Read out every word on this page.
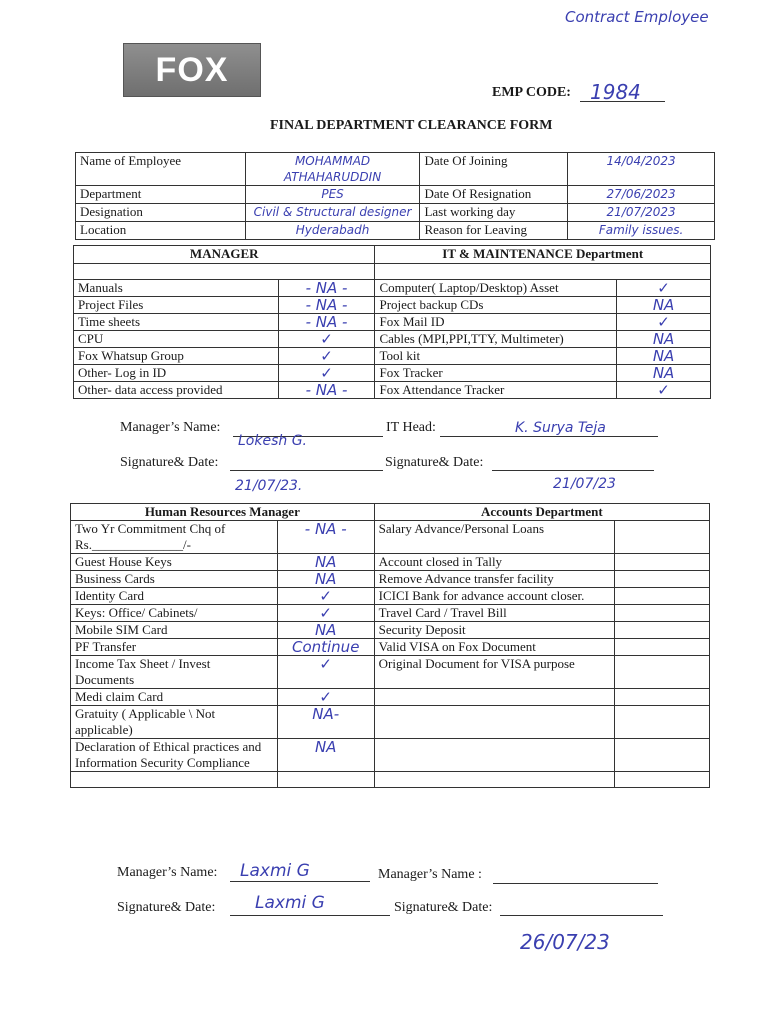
Contract Employee
FOX
EMP CODE: 1984
FINAL DEPARTMENT CLEARANCE FORM
Name of Employee	MOHAMMAD ATHAHARUDDIN	Date Of Joining	14/04/2023
Department	PES	Date Of Resignation	27/06/2023
Designation	Civil & Structural designer	Last working day	21/07/2023
Location	Hyderabadh	Reason for Leaving	Family issues.
MANAGER		IT & MAINTENANCE Department	

Manuals	- NA -	Computer( Laptop/Desktop) Asset	✓
Project Files	- NA -	Project backup CDs	NA
Time sheets	- NA -	Fox Mail ID	✓
CPU	✓	Cables (MPI,PPI,TTY, Multimeter)	NA
Fox Whatsup Group	✓	Tool kit	NA
Other- Log in ID	✓	Fox Tracker	NA
Other- data access provided	- NA -	Fox Attendance Tracker	✓
Manager’s Name:
Lokesh G.
IT Head:	K. Surya Teja
Signature& Date:
21/07/23.
Signature& Date:
21/07/23
Human Resources Manager		Accounts Department	
Two Yr Commitment Chq of Rs.______________/-	- NA -	Salary Advance/Personal Loans	
Guest House Keys	NA	Account closed in Tally	
Business Cards	NA	Remove Advance transfer facility	
Identity Card	✓	ICICI Bank for advance account closer.	
Keys: Office/ Cabinets/	✓	Travel Card / Travel Bill	
Mobile SIM Card	NA	Security Deposit	
PF Transfer	Continue	Valid VISA on Fox Document	
Income Tax Sheet / Invest Documents	✓	Original Document for VISA purpose	
Medi claim Card	✓		
Gratuity ( Applicable \ Not applicable)	NA-		
Declaration of Ethical practices and Information Security Compliance	NA		

Manager’s Name: Laxmi G	Manager’s Name :
Signature& Date: Laxmi G	Signature& Date:
26/07/23
